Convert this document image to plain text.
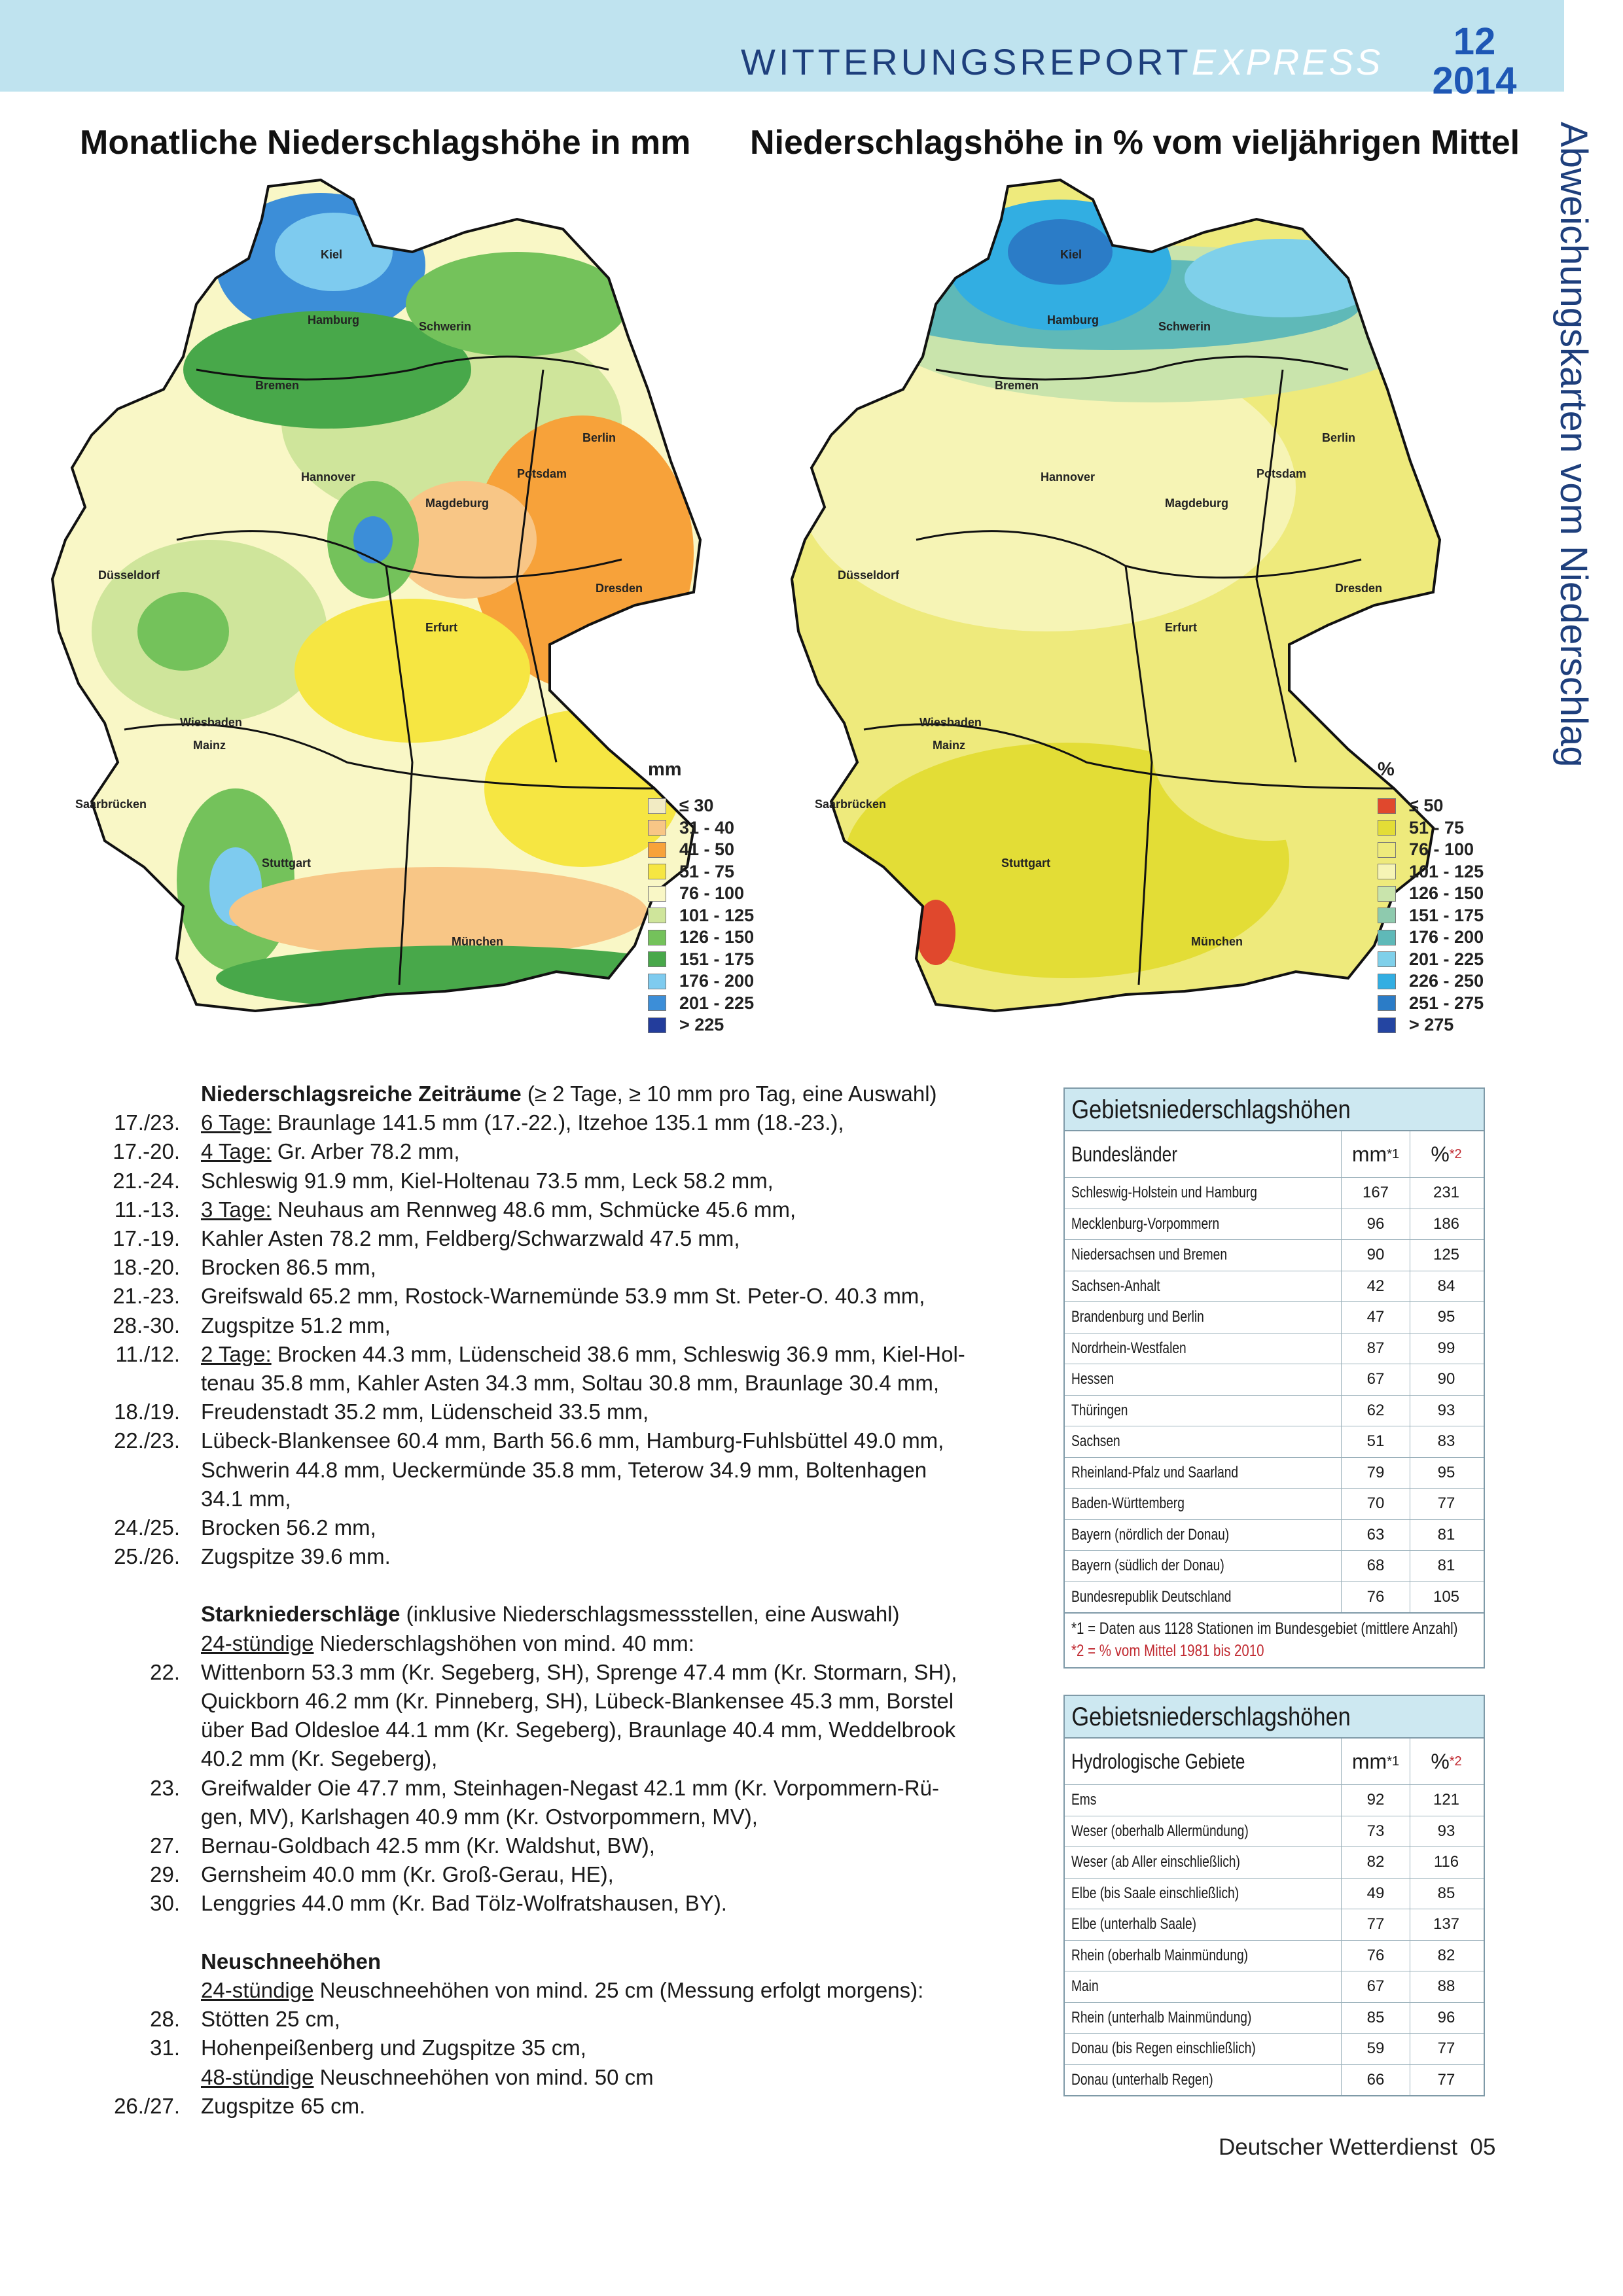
WITTERUNGSREPORTEXPRESS	12
2014
Abweichungskarten vom Niederschlag
Monatliche Niederschlagshöhe in mm Niederschlagshöhe in % vom vieljährigen Mittel
Kiel
Hamburg	Schwerin
Bremen
Berlin
Hannover	Potsdam
Magdeburg
Düsseldorf
Dresden
Erfurt
Wiesbaden
Mainz
Saarbrücken
Stuttgart
München
mm
≤ 30
31 - 40
41 - 50
51 - 75
76 - 100
101 - 125
126 - 150
151 - 175
176 - 200
201 - 225
> 225
Kiel
Hamburg	Schwerin
Bremen
Berlin
Hannover	Potsdam
Magdeburg
Düsseldorf
Dresden
Erfurt
Wiesbaden
Mainz
Saarbrücken
Stuttgart
München
%
≤ 50
51 - 75
76 - 100
101 - 125
126 - 150
151 - 175
176 - 200
201 - 225
226 - 250
251 - 275
> 275
Niederschlagsreiche Zeiträume (≥ 2 Tage, ≥ 10 mm pro Tag, eine Auswahl)
17./23. 6 Tage: Braunlage 141.5 mm (17.-22.), Itzehoe 135.1 mm (18.-23.),
17.-20. 4 Tage: Gr. Arber 78.2 mm,
21.-24. Schleswig 91.9 mm, Kiel-Holtenau 73.5 mm, Leck 58.2 mm,
11.-13. 3 Tage: Neuhaus am Rennweg 48.6 mm, Schmücke 45.6 mm,
17.-19. Kahler Asten 78.2 mm, Feldberg/Schwarzwald 47.5 mm,
18.-20. Brocken 86.5 mm,
21.-23. Greifswald 65.2 mm, Rostock-Warnemünde 53.9 mm St. Peter-O. 40.3 mm,
28.-30. Zugspitze 51.2 mm,
11./12. 2 Tage: Brocken 44.3 mm, Lüdenscheid 38.6 mm, Schleswig 36.9 mm, Kiel-Hol-
tenau 35.8 mm, Kahler Asten 34.3 mm, Soltau 30.8 mm, Braunlage 30.4 mm,
18./19. Freudenstadt 35.2 mm, Lüdenscheid 33.5 mm,
22./23. Lübeck-Blankensee 60.4 mm, Barth 56.6 mm, Hamburg-Fuhlsbüttel 49.0 mm,
Schwerin 44.8 mm, Ueckermünde 35.8 mm, Teterow 34.9 mm, Boltenhagen
34.1 mm,
24./25. Brocken 56.2 mm,
25./26. Zugspitze 39.6 mm.
Starkniederschläge (inklusive Niederschlagsmessstellen, eine Auswahl)
24-stündige Niederschlagshöhen von mind. 40 mm:
22. Wittenborn 53.3 mm (Kr. Segeberg, SH), Sprenge 47.4 mm (Kr. Stormarn, SH),
Quickborn 46.2 mm (Kr. Pinneberg, SH), Lübeck-Blankensee 45.3 mm, Borstel
über Bad Oldesloe 44.1 mm (Kr. Segeberg), Braunlage 40.4 mm, Weddelbrook
40.2 mm (Kr. Segeberg),
23. Greifwalder Oie 47.7 mm, Steinhagen-Negast 42.1 mm (Kr. Vorpommern-Rü-
gen, MV), Karlshagen 40.9 mm (Kr. Ostvorpommern, MV),
27. Bernau-Goldbach 42.5 mm (Kr. Waldshut, BW),
29. Gernsheim 40.0 mm (Kr. Groß-Gerau, HE),
30. Lenggries 44.0 mm (Kr. Bad Tölz-Wolfratshausen, BY).
Neuschneehöhen
24-stündige Neuschneehöhen von mind. 25 cm (Messung erfolgt morgens):
28. Stötten 25 cm,
31. Hohenpeißenberg und Zugspitze 35 cm,
48-stündige Neuschneehöhen von mind. 50 cm
26./27. Zugspitze 65 cm.
Gebietsniederschlagshöhen
Bundesländer	mm *1 % *2
Schleswig-Holstein und Hamburg	167	231
Mecklenburg-Vorpommern	96	186
Niedersachsen und Bremen	90	125
Sachsen-Anhalt	42	84
Brandenburg und Berlin	47	95
Nordrhein-Westfalen	87	99
Hessen	67	90
Thüringen	62	93
Sachsen	51	83
Rheinland-Pfalz und Saarland	79	95
Baden-Württemberg	70	77
Bayern (nördlich der Donau)	63	81
Bayern (südlich der Donau)	68	81
Bundesrepublik Deutschland	76	105
*1 = Daten aus 1128 Stationen im Bundesgebiet (mittlere Anzahl)
*2 = % vom Mittel 1981 bis 2010
Gebietsniederschlagshöhen
Hydrologische Gebiete	mm *1 % *2
Ems	92	121
Weser (oberhalb Allermündung)	73	93
Weser (ab Aller einschließlich)	82	116
Elbe (bis Saale einschließlich)	49	85
Elbe (unterhalb Saale)	77	137
Rhein (oberhalb Mainmündung)	76	82
Main	67	88
Rhein (unterhalb Mainmündung)	85	96
Donau (bis Regen einschließlich)	59	77
Donau (unterhalb Regen)	66	77
Deutscher Wetterdienst 05
